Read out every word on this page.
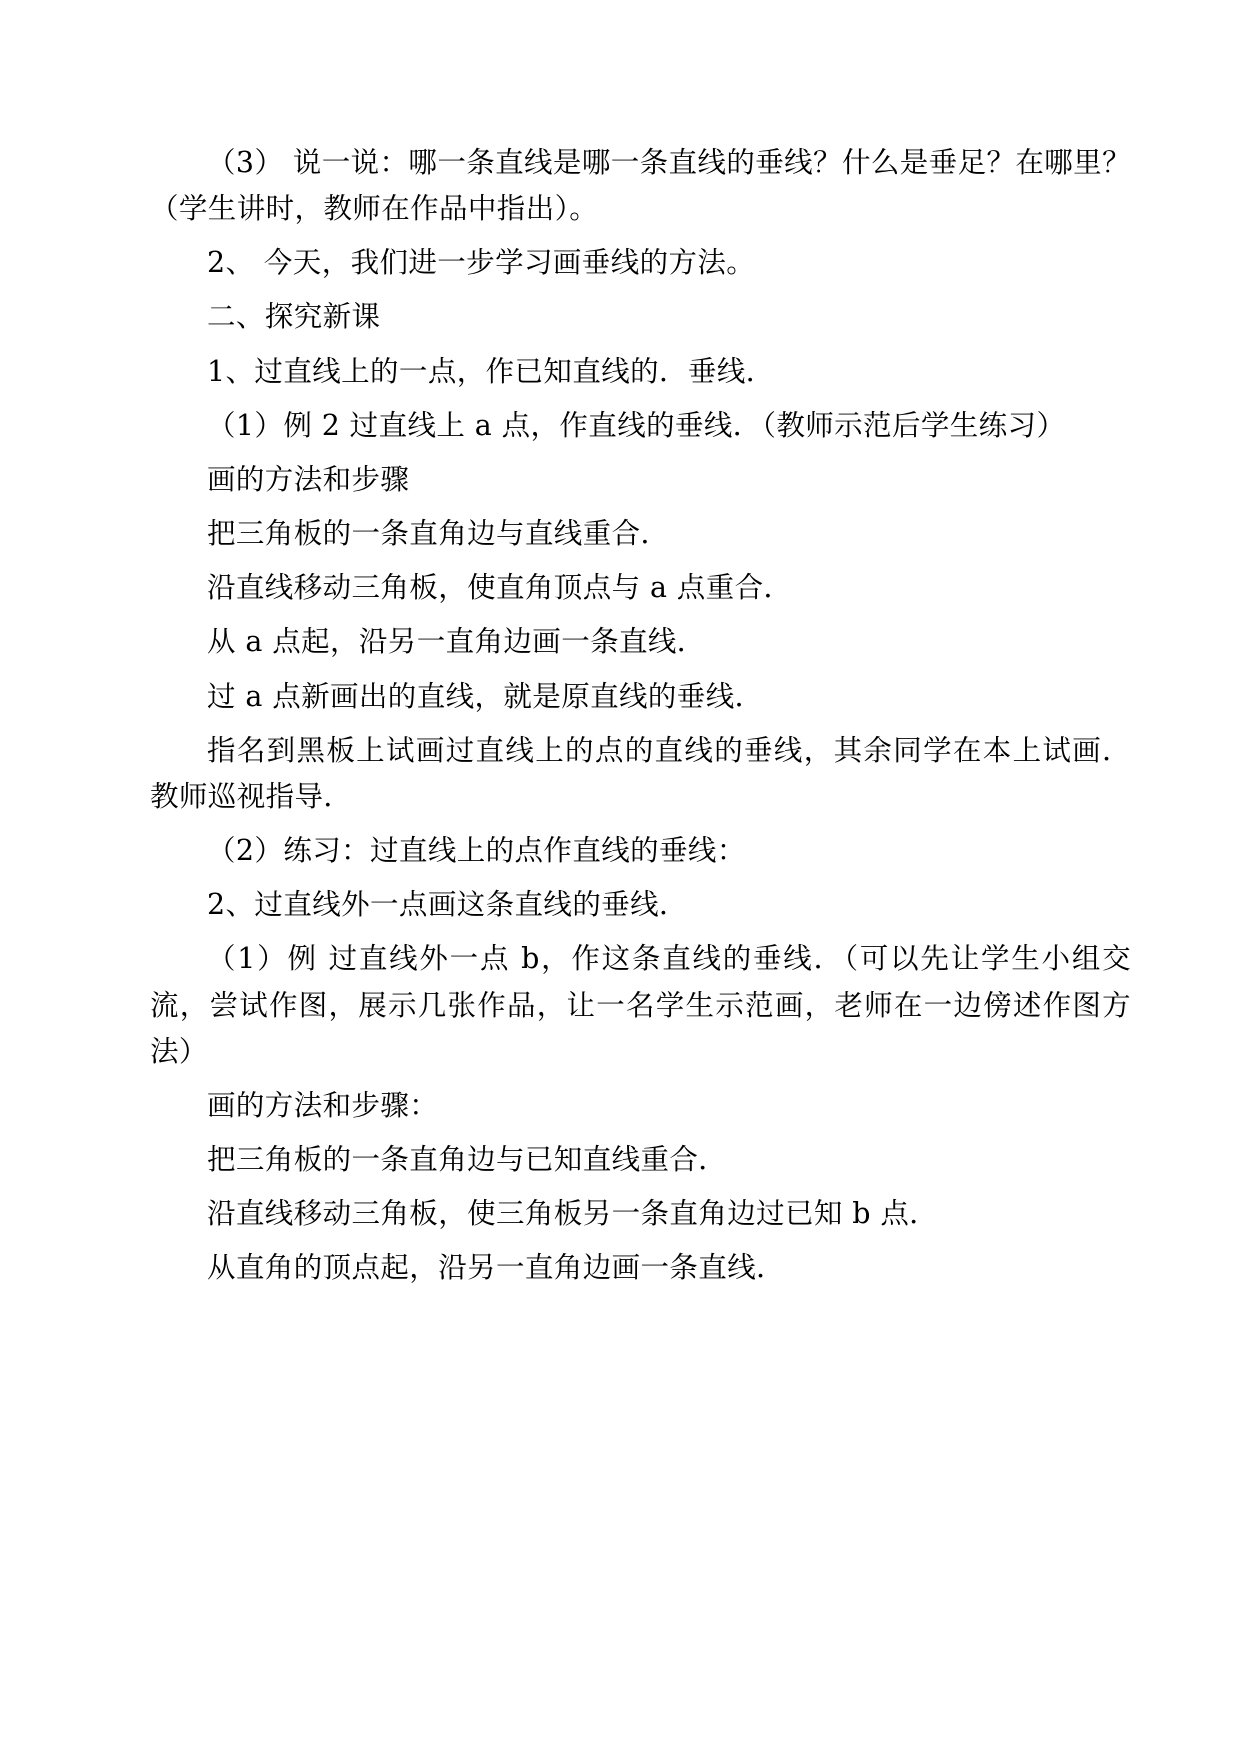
（3） 说一说：哪一条直线是哪一条直线的垂线？什么是垂足？在哪里？（学生讲时，教师在作品中指出）。

2、 今天，我们进一步学习画垂线的方法。

二、探究新课

1、过直线上的一点，作已知直线的．垂线．

（1）例 2 过直线上 a 点，作直线的垂线．（教师示范后学生练习）

画的方法和步骤

把三角板的一条直角边与直线重合．

沿直线移动三角板，使直角顶点与 a 点重合．

从 a 点起，沿另一直角边画一条直线．

过 a 点新画出的直线，就是原直线的垂线．

指名到黑板上试画过直线上的点的直线的垂线，其余同学在本上试画．教师巡视指导．

（2）练习：过直线上的点作直线的垂线：

2、过直线外一点画这条直线的垂线．

（1）例 过直线外一点 b，作这条直线的垂线．（可以先让学生小组交流，尝试作图，展示几张作品，让一名学生示范画，老师在一边傍述作图方法）

画的方法和步骤：

把三角板的一条直角边与已知直线重合．

沿直线移动三角板，使三角板另一条直角边过已知 b 点．

从直角的顶点起，沿另一直角边画一条直线．
